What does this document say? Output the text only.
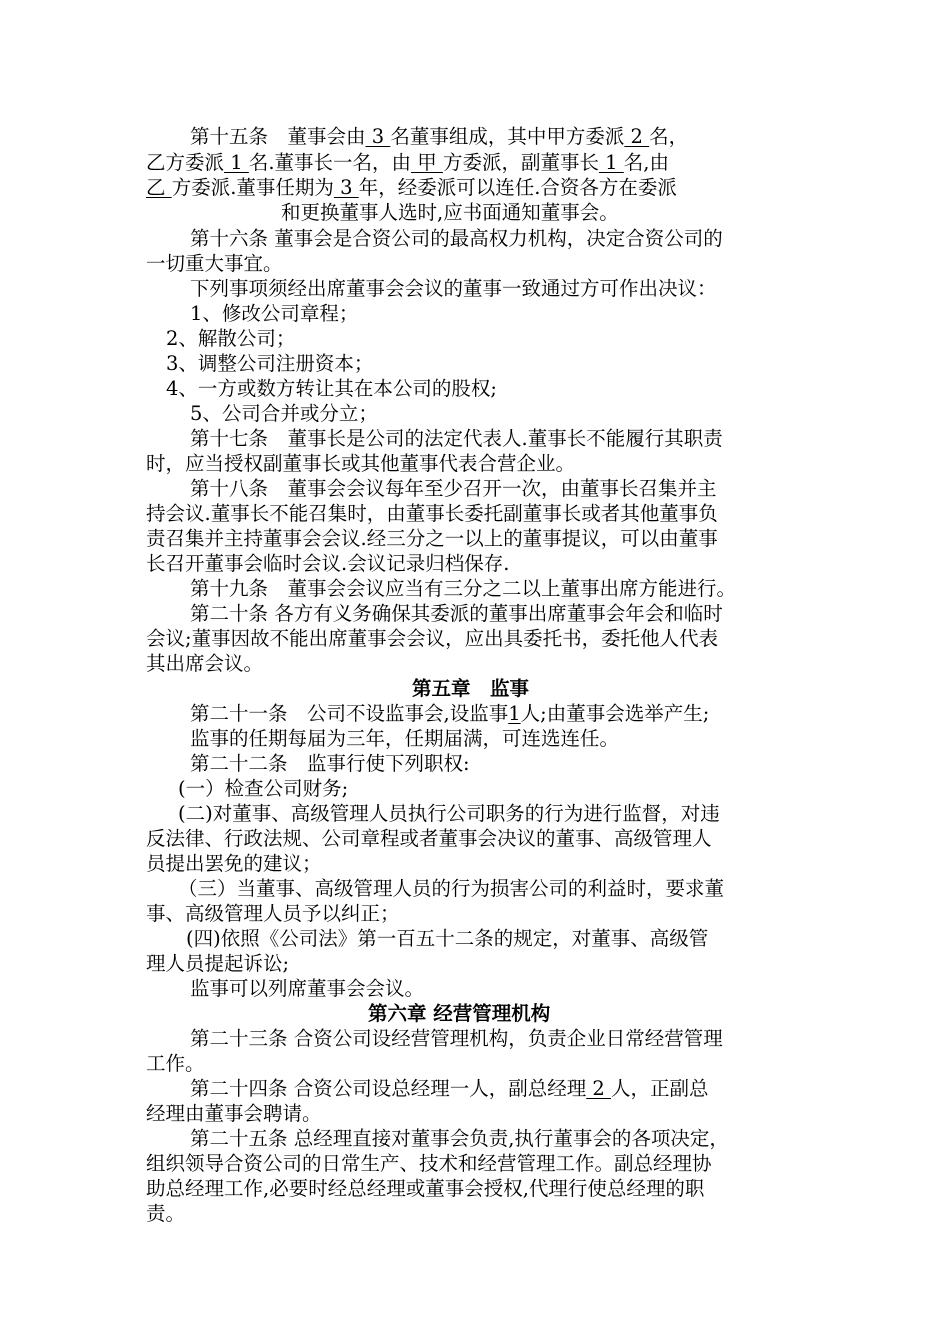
第十五条　董事会由 3 名董事组成，其中甲方委派 2 名，
乙方委派 1 名.董事长一名，由 甲 方委派，副董事长 1 名,由
乙 方委派.董事任期为 3 年，经委派可以连任.合资各方在委派
和更换董事人选时,应书面通知董事会。
第十六条 董事会是合资公司的最高权力机构，决定合资公司的
一切重大事宜。
下列事项须经出席董事会会议的董事一致通过方可作出决议：
1、修改公司章程；
2、解散公司；
3、调整公司注册资本；
4、一方或数方转让其在本公司的股权;
5、公司合并或分立；
第十七条　董事长是公司的法定代表人.董事长不能履行其职责
时，应当授权副董事长或其他董事代表合营企业。
第十八条　董事会会议每年至少召开一次，由董事长召集并主
持会议.董事长不能召集时，由董事长委托副董事长或者其他董事负
责召集并主持董事会会议.经三分之一以上的董事提议，可以由董事
长召开董事会临时会议.会议记录归档保存.
第十九条　董事会会议应当有三分之二以上董事出席方能进行。
第二十条 各方有义务确保其委派的董事出席董事会年会和临时
会议;董事因故不能出席董事会会议，应出具委托书，委托他人代表
其出席会议。
第五章　监事
第二十一条　公司不设监事会,设监事1人;由董事会选举产生;
监事的任期每届为三年，任期届满，可连选连任。
第二十二条　监事行使下列职权:
(一）检查公司财务;
(二)对董事、高级管理人员执行公司职务的行为进行监督，对违
反法律、行政法规、公司章程或者董事会决议的董事、高级管理人
员提出罢免的建议；
（三）当董事、高级管理人员的行为损害公司的利益时，要求董
事、高级管理人员予以纠正；
(四)依照《公司法》第一百五十二条的规定，对董事、高级管
理人员提起诉讼;
监事可以列席董事会会议。
第六章 经营管理机构
第二十三条 合资公司设经营管理机构，负责企业日常经营管理
工作。
第二十四条 合资公司设总经理一人，副总经理 2 人，正副总
经理由董事会聘请。
第二十五条 总经理直接对董事会负责,执行董事会的各项决定，
组织领导合资公司的日常生产、技术和经营管理工作。副总经理协
助总经理工作,必要时经总经理或董事会授权,代理行使总经理的职
责。
